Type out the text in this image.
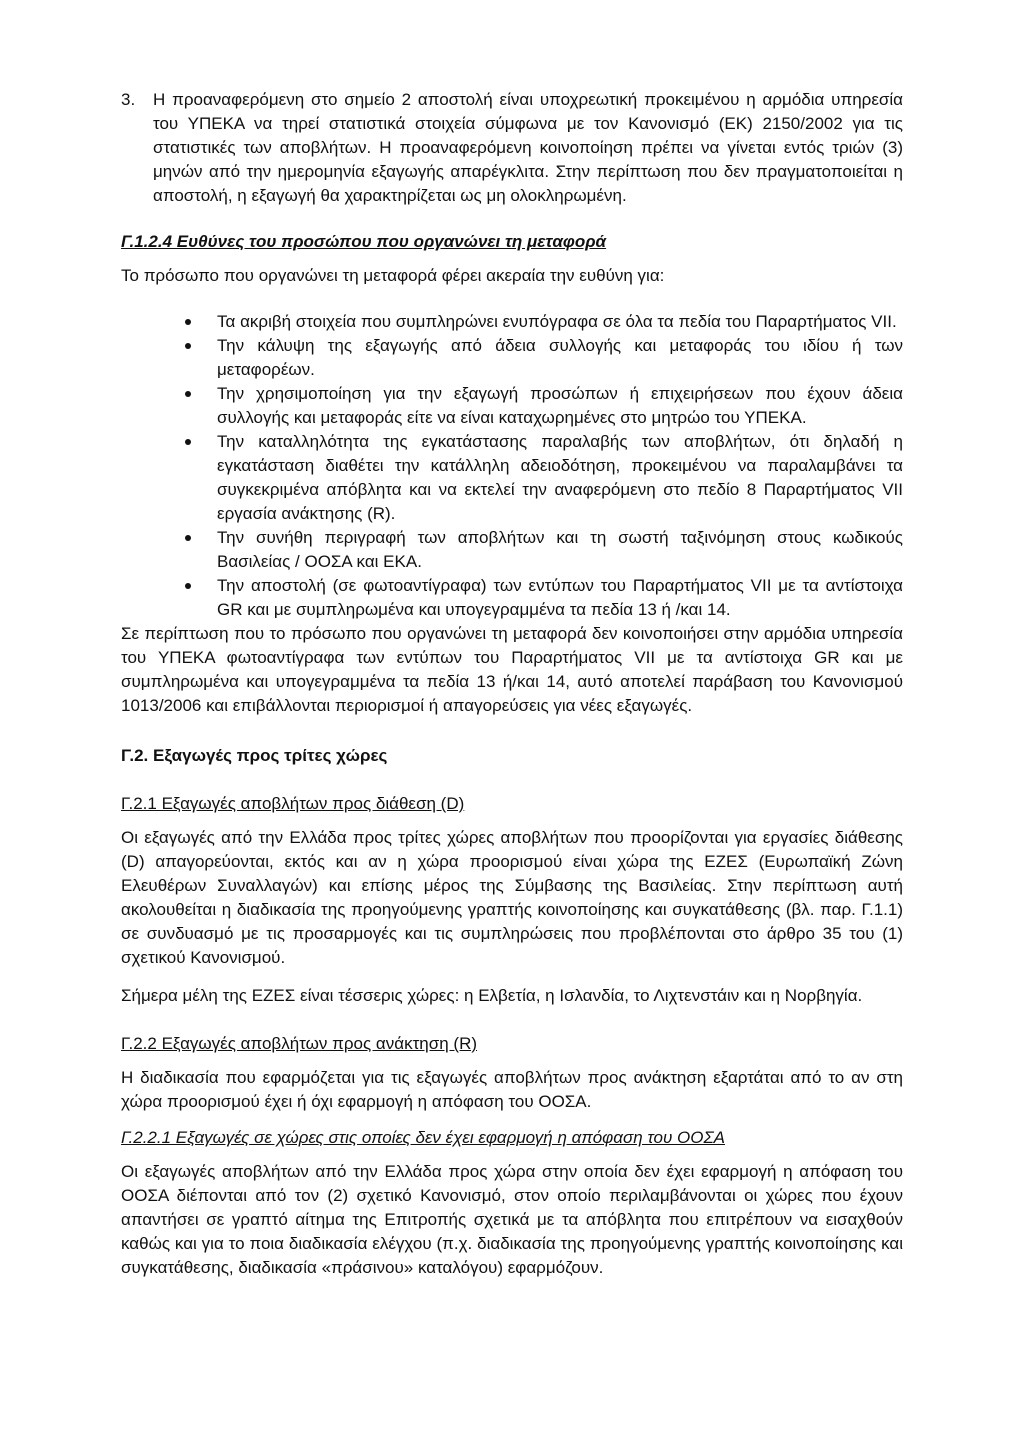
3.	Η προαναφερόμενη στο σημείο 2 αποστολή είναι υποχρεωτική προκειμένου η αρμόδια υπηρεσία του ΥΠΕΚΑ να τηρεί στατιστικά στοιχεία σύμφωνα με τον Κανονισμό (ΕΚ) 2150/2002 για τις στατιστικές των αποβλήτων. Η προαναφερόμενη κοινοποίηση πρέπει να γίνεται εντός τριών (3) μηνών από την ημερομηνία εξαγωγής απαρέγκλιτα. Στην περίπτωση που δεν πραγματοποιείται η αποστολή, η εξαγωγή θα χαρακτηρίζεται ως μη ολοκληρωμένη.
Γ.1.2.4 Ευθύνες του προσώπου που οργανώνει τη μεταφορά

Το πρόσωπο που οργανώνει τη μεταφορά φέρει ακεραία την ευθύνη για:

Τα ακριβή στοιχεία που συμπληρώνει ενυπόγραφα σε όλα τα πεδία του Παραρτήματος VII.
Την κάλυψη της εξαγωγής από άδεια συλλογής και μεταφοράς του ιδίου ή των μεταφορέων.
Την χρησιμοποίηση για την εξαγωγή προσώπων ή επιχειρήσεων που έχουν άδεια συλλογής και μεταφοράς είτε να είναι καταχωρημένες στο μητρώο του ΥΠΕΚΑ.
Την καταλληλότητα της εγκατάστασης παραλαβής των αποβλήτων, ότι δηλαδή η εγκατάσταση διαθέτει την κατάλληλη αδειοδότηση, προκειμένου να παραλαμβάνει τα συγκεκριμένα απόβλητα και να εκτελεί την αναφερόμενη στο πεδίο 8 Παραρτήματος VII εργασία ανάκτησης (R).
Την συνήθη περιγραφή των αποβλήτων και τη σωστή ταξινόμηση στους κωδικούς Βασιλείας / ΟΟΣΑ και ΕΚΑ.
Την αποστολή (σε φωτοαντίγραφα) των εντύπων του Παραρτήματος VII με τα αντίστοιχα GR και με συμπληρωμένα και υπογεγραμμένα τα πεδία 13 ή /και 14.

Σε περίπτωση που το πρόσωπο που οργανώνει τη μεταφορά δεν κοινοποιήσει στην αρμόδια υπηρεσία του ΥΠΕΚΑ φωτοαντίγραφα των εντύπων του Παραρτήματος VII με τα αντίστοιχα GR και με συμπληρωμένα και υπογεγραμμένα τα πεδία 13 ή/και 14, αυτό αποτελεί παράβαση του Κανονισμού 1013/2006 και επιβάλλονται περιορισμοί ή απαγορεύσεις για νέες εξαγωγές.

Γ.2. Εξαγωγές προς τρίτες χώρες
Γ.2.1 Εξαγωγές αποβλήτων προς διάθεση (D)

Οι εξαγωγές από την Ελλάδα προς τρίτες χώρες αποβλήτων που προορίζονται για εργασίες διάθεσης (D) απαγορεύονται, εκτός και αν η χώρα προορισμού είναι χώρα της ΕΖΕΣ (Ευρωπαϊκή Ζώνη Ελευθέρων Συναλλαγών) και επίσης μέρος της Σύμβασης της Βασιλείας. Στην περίπτωση αυτή ακολουθείται η διαδικασία της προηγούμενης γραπτής κοινοποίησης και συγκατάθεσης (βλ. παρ. Γ.1.1) σε συνδυασμό με τις προσαρμογές και τις συμπληρώσεις που προβλέπονται στο άρθρο 35 του (1) σχετικού Κανονισμού.

Σήμερα μέλη της ΕΖΕΣ είναι τέσσερις χώρες: η Ελβετία, η Ισλανδία, το Λιχτενστάιν και η Νορβηγία.

Γ.2.2 Εξαγωγές αποβλήτων προς ανάκτηση (R)

Η διαδικασία που εφαρμόζεται για τις εξαγωγές αποβλήτων προς ανάκτηση εξαρτάται από το αν στη χώρα προορισμού έχει ή όχι εφαρμογή η απόφαση του ΟΟΣΑ.

Γ.2.2.1 Εξαγωγές σε χώρες στις οποίες δεν έχει εφαρμογή η απόφαση του ΟΟΣΑ

Οι εξαγωγές αποβλήτων από την Ελλάδα προς χώρα στην οποία δεν έχει εφαρμογή η απόφαση του ΟΟΣΑ διέπονται από τον (2) σχετικό Κανονισμό, στον οποίο περιλαμβάνονται οι χώρες που έχουν απαντήσει σε γραπτό αίτημα της Επιτροπής σχετικά με τα απόβλητα που επιτρέπουν να εισαχθούν καθώς και για το ποια διαδικασία ελέγχου (π.χ. διαδικασία της προηγούμενης γραπτής κοινοποίησης και συγκατάθεσης, διαδικασία «πράσινου» καταλόγου) εφαρμόζουν.
